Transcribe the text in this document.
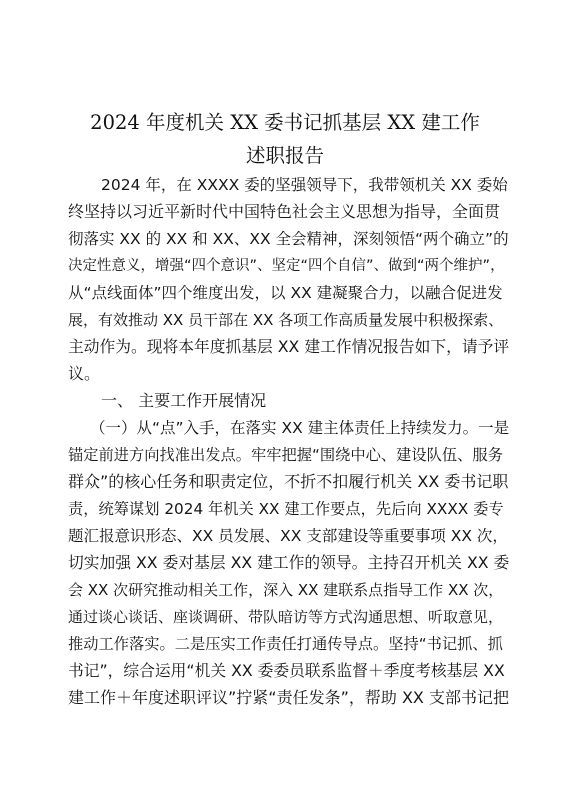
2024 年度机关 XX 委书记抓基层 XX 建工作
述职报告
2024 年，在 XXXX 委的坚强领导下，我带领机关 XX 委始
终坚持以习近平新时代中国特色社会主义思想为指导，全面贯
彻落实 XX 的 XX 和 XX、XX 全会精神，深刻领悟“两个确立”的
决定性意义，增强“四个意识”、坚定“四个自信”、做到“两个维护”，
从“点线面体”四个维度出发，以 XX 建凝聚合力，以融合促进发
展，有效推动 XX 员干部在 XX 各项工作高质量发展中积极探索、
主动作为。现将本年度抓基层 XX 建工作情况报告如下，请予评
议。
一、 主要工作开展情况
（一）从“点”入手，在落实 XX 建主体责任上持续发力。一是
锚定前进方向找准出发点。牢牢把握“围绕中心、建设队伍、服务
群众”的核心任务和职责定位，不折不扣履行机关 XX 委书记职
责，统筹谋划 2024 年机关 XX 建工作要点，先后向 XXXX 委专
题汇报意识形态、XX 员发展、XX 支部建设等重要事项 XX 次，
切实加强 XX 委对基层 XX 建工作的领导。主持召开机关 XX 委
会 XX 次研究推动相关工作，深入 XX 建联系点指导工作 XX 次，
通过谈心谈话、座谈调研、带队暗访等方式沟通思想、听取意见，
推动工作落实。二是压实工作责任打通传导点。坚持“书记抓、抓
书记”，综合运用“机关 XX 委委员联系监督＋季度考核基层 XX
建工作＋年度述职评议”拧紧“责任发条”，帮助 XX 支部书记把
